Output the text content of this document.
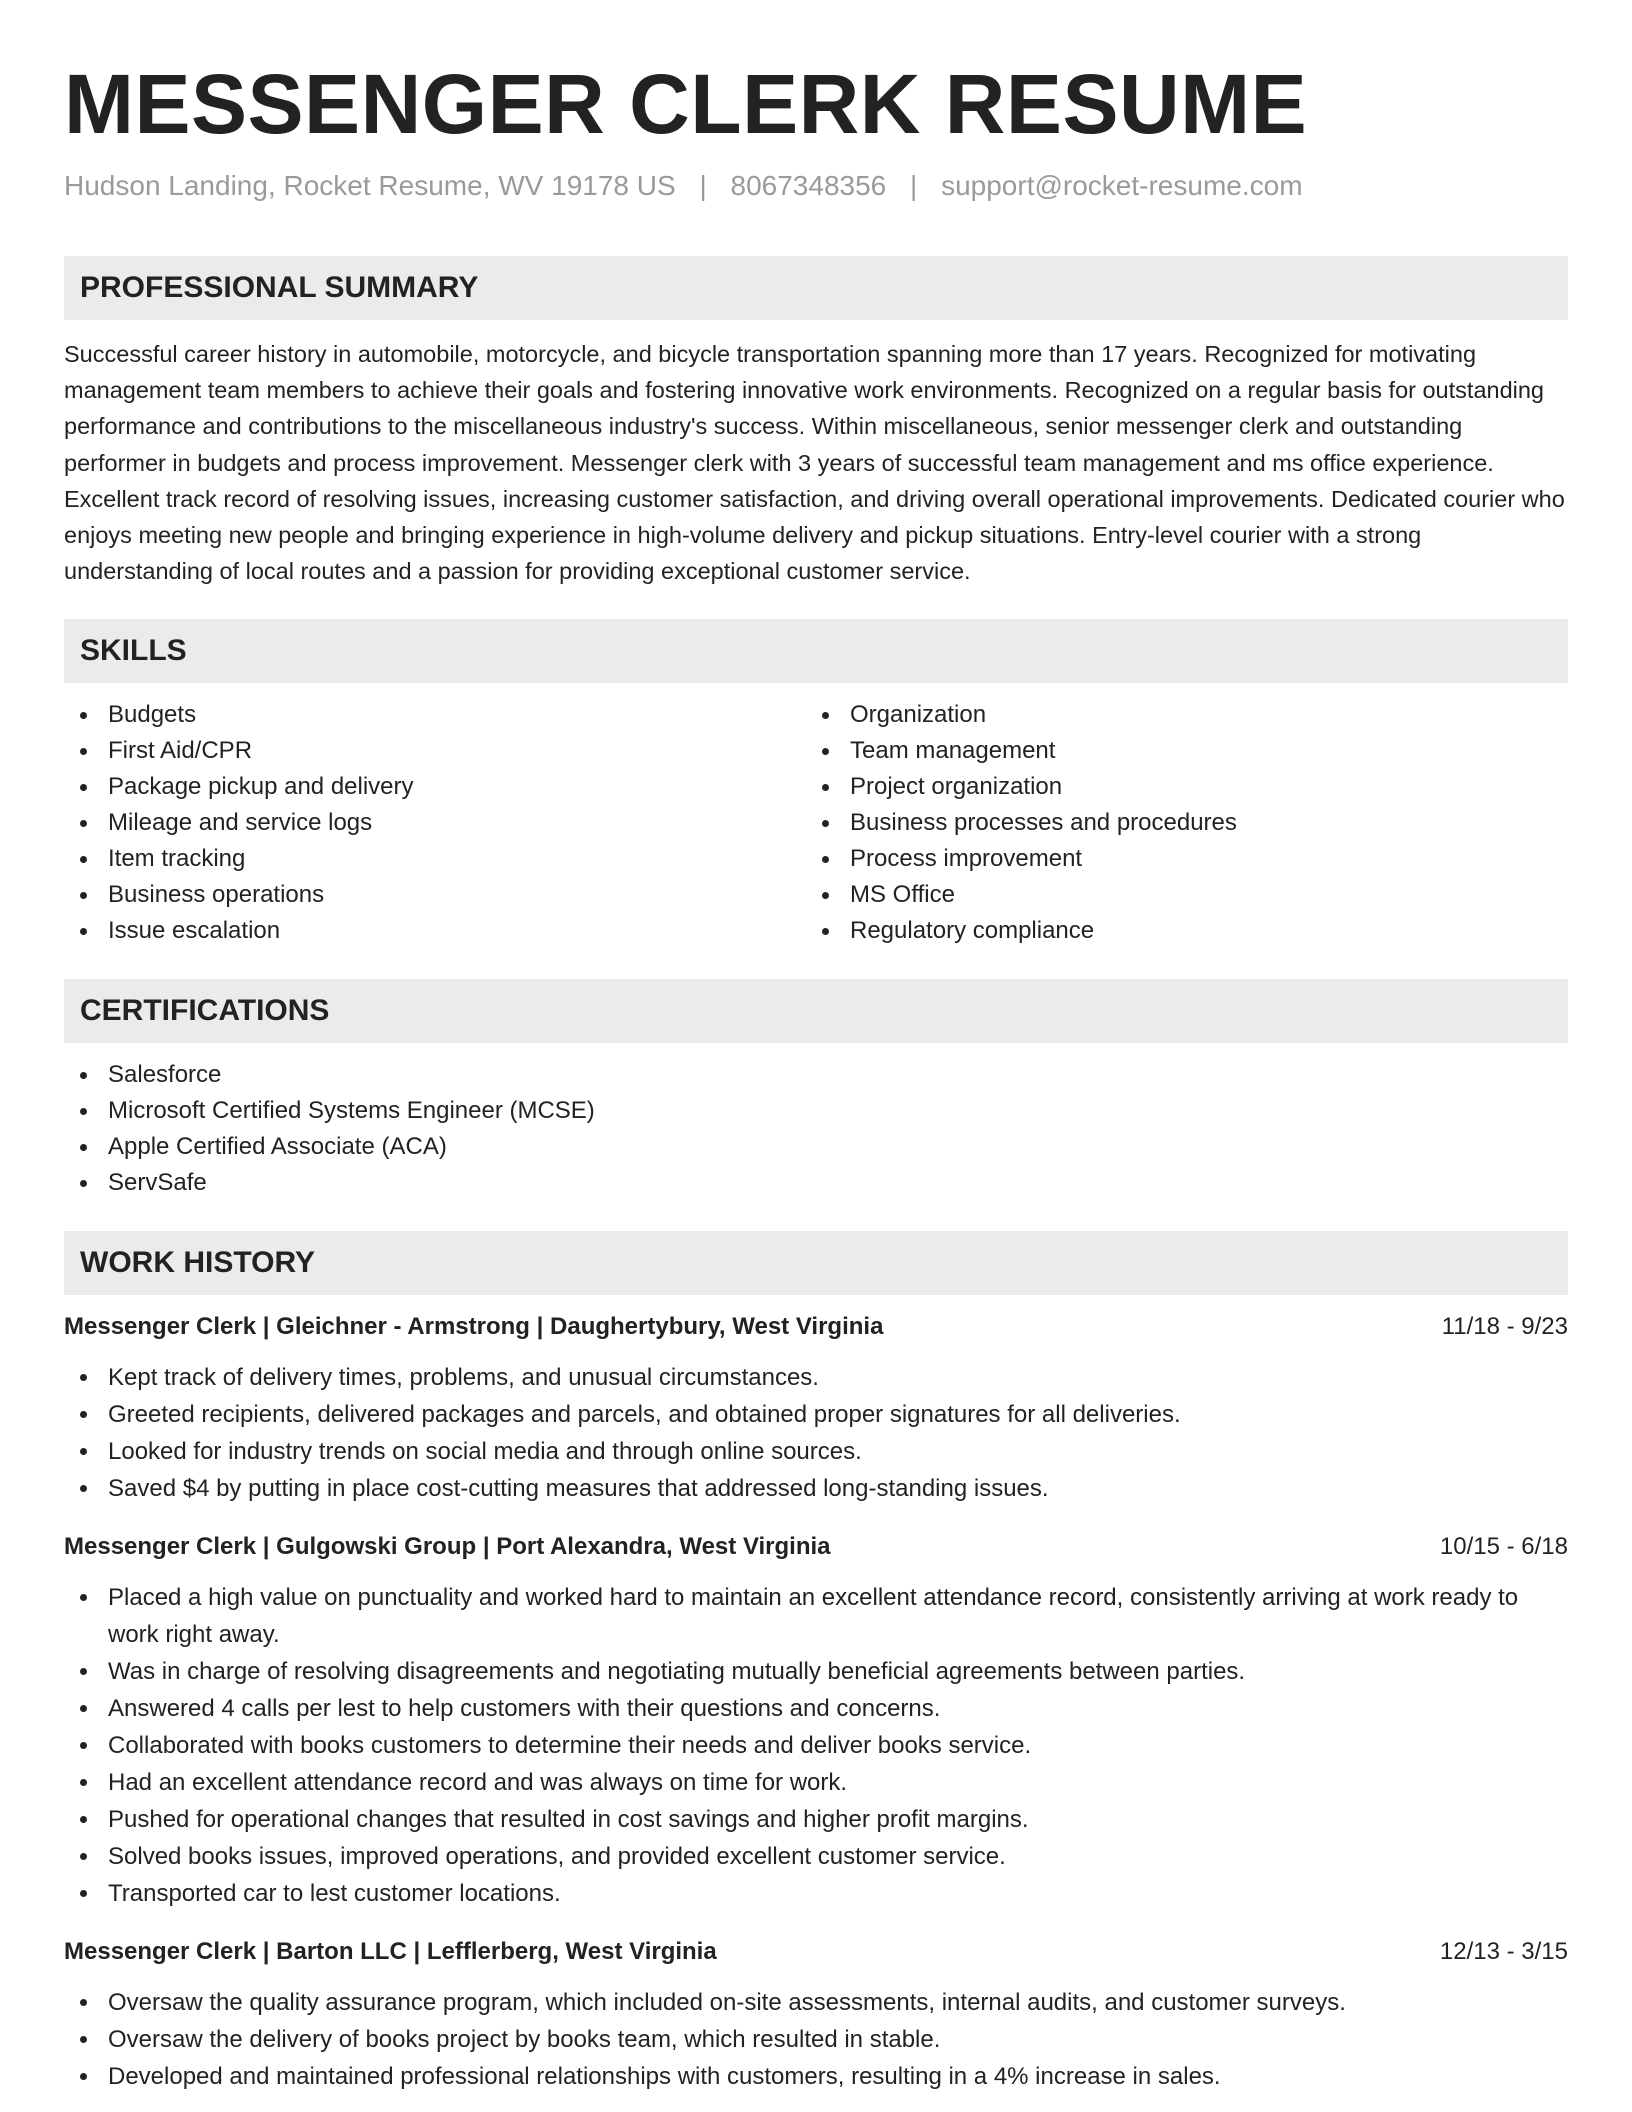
MESSENGER CLERK RESUME
Hudson Landing, Rocket Resume, WV 19178 US | 8067348356 | support@rocket-resume.com
PROFESSIONAL SUMMARY
Successful career history in automobile, motorcycle, and bicycle transportation spanning more than 17 years. Recognized for motivating management team members to achieve their goals and fostering innovative work environments. Recognized on a regular basis for outstanding performance and contributions to the miscellaneous industry's success. Within miscellaneous, senior messenger clerk and outstanding performer in budgets and process improvement. Messenger clerk with 3 years of successful team management and ms office experience. Excellent track record of resolving issues, increasing customer satisfaction, and driving overall operational improvements. Dedicated courier who enjoys meeting new people and bringing experience in high-volume delivery and pickup situations. Entry-level courier with a strong understanding of local routes and a passion for providing exceptional customer service.
SKILLS
Budgets
First Aid/CPR
Package pickup and delivery
Mileage and service logs
Item tracking
Business operations
Issue escalation
Organization
Team management
Project organization
Business processes and procedures
Process improvement
MS Office
Regulatory compliance
CERTIFICATIONS
Salesforce
Microsoft Certified Systems Engineer (MCSE)
Apple Certified Associate (ACA)
ServSafe
WORK HISTORY
Messenger Clerk | Gleichner - Armstrong | Daughertybury, West Virginia	11/18 - 9/23
Kept track of delivery times, problems, and unusual circumstances.
Greeted recipients, delivered packages and parcels, and obtained proper signatures for all deliveries.
Looked for industry trends on social media and through online sources.
Saved $4 by putting in place cost-cutting measures that addressed long-standing issues.
Messenger Clerk | Gulgowski Group | Port Alexandra, West Virginia	10/15 - 6/18
Placed a high value on punctuality and worked hard to maintain an excellent attendance record, consistently arriving at work ready to work right away.
Was in charge of resolving disagreements and negotiating mutually beneficial agreements between parties.
Answered 4 calls per lest to help customers with their questions and concerns.
Collaborated with books customers to determine their needs and deliver books service.
Had an excellent attendance record and was always on time for work.
Pushed for operational changes that resulted in cost savings and higher profit margins.
Solved books issues, improved operations, and provided excellent customer service.
Transported car to lest customer locations.
Messenger Clerk | Barton LLC | Lefflerberg, West Virginia	12/13 - 3/15
Oversaw the quality assurance program, which included on-site assessments, internal audits, and customer surveys.
Oversaw the delivery of books project by books team, which resulted in stable.
Developed and maintained professional relationships with customers, resulting in a 4% increase in sales.
